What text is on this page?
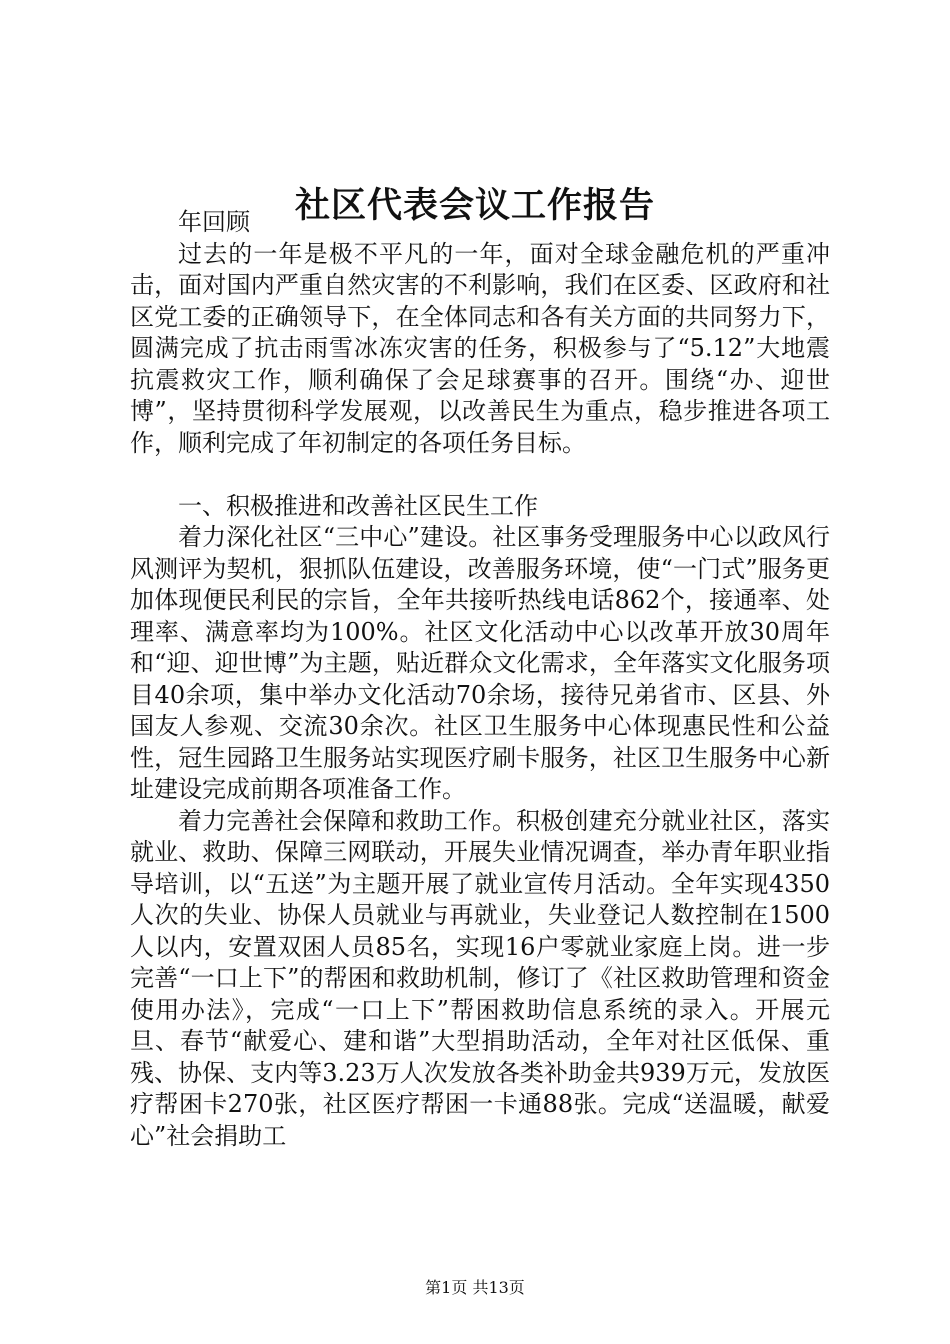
社区代表会议工作报告

年回顾

过去的一年是极不平凡的一年，面对全球金融危机的严重冲击，面对国内严重自然灾害的不利影响，我们在区委、区政府和社区党工委的正确领导下，在全体同志和各有关方面的共同努力下，圆满完成了抗击雨雪冰冻灾害的任务，积极参与了“5.12”大地震抗震救灾工作，顺利确保了会足球赛事的召开。围绕“办、迎世博”，坚持贯彻科学发展观，以改善民生为重点，稳步推进各项工作，顺利完成了年初制定的各项任务目标。

一、积极推进和改善社区民生工作

着力深化社区“三中心”建设。社区事务受理服务中心以政风行风测评为契机，狠抓队伍建设，改善服务环境，使“一门式”服务更加体现便民利民的宗旨，全年共接听热线电话862个，接通率、处理率、满意率均为100%。社区文化活动中心以改革开放30周年和“迎、迎世博”为主题，贴近群众文化需求，全年落实文化服务项目40余项，集中举办文化活动70余场，接待兄弟省市、区县、外国友人参观、交流30余次。社区卫生服务中心体现惠民性和公益性，冠生园路卫生服务站实现医疗刷卡服务，社区卫生服务中心新址建设完成前期各项准备工作。

着力完善社会保障和救助工作。积极创建充分就业社区，落实就业、救助、保障三网联动，开展失业情况调查，举办青年职业指导培训，以“五送”为主题开展了就业宣传月活动。全年实现4350人次的失业、协保人员就业与再就业，失业登记人数控制在1500人以内，安置双困人员85名，实现16户零就业家庭上岗。进一步完善“一口上下”的帮困和救助机制，修订了《社区救助管理和资金使用办法》，完成“一口上下”帮困救助信息系统的录入。开展元旦、春节“献爱心、建和谐”大型捐助活动，全年对社区低保、重残、协保、支内等3.23万人次发放各类补助金共939万元，发放医疗帮困卡270张，社区医疗帮困一卡通88张。完成“送温暖，献爱心”社会捐助工

第1页 共13页
